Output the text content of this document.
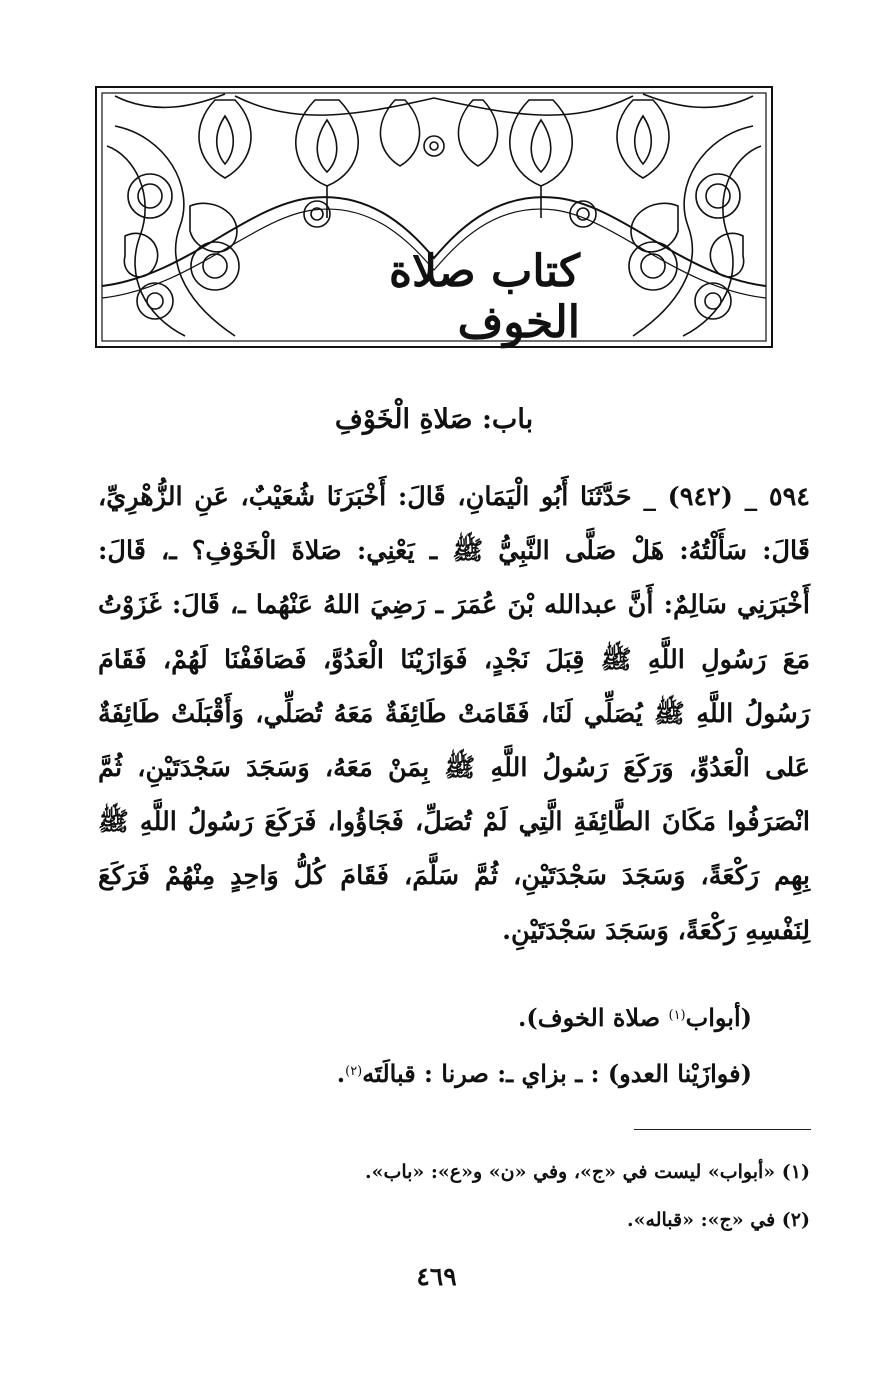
كتاب صلاة الخوف
باب: صَلاةِ الْخَوْفِ

٥٩٤ _ (٩٤٢) _ حَدَّثَنَا أَبُو الْيَمَانِ، قَالَ: أَخْبَرَنَا شُعَيْبٌ، عَنِ الزُّهْرِيِّ، قَالَ: سَأَلْتُهُ: هَلْ صَلَّى النَّبِيُّ ﷺ ـ يَعْنِي: صَلاةَ الْخَوْفِ؟ ـ، قَالَ: أَخْبَرَنِي سَالِمٌ: أَنَّ عبدالله بْنَ عُمَرَ ـ رَضِيَ اللهُ عَنْهُما ـ، قَالَ: غَزَوْتُ مَعَ رَسُولِ اللَّهِ ﷺ قِبَلَ نَجْدٍ، فَوَازَيْنَا الْعَدُوَّ، فَصَافَفْنَا لَهُمْ، فَقَامَ رَسُولُ اللَّهِ ﷺ يُصَلِّي لَنَا، فَقَامَتْ طَائِفَةٌ مَعَهُ تُصَلِّي، وَأَقْبَلَتْ طَائِفَةٌ عَلى الْعَدُوِّ، وَرَكَعَ رَسُولُ اللَّهِ ﷺ بِمَنْ مَعَهُ، وَسَجَدَ سَجْدَتَيْنِ، ثُمَّ انْصَرَفُوا مَكَانَ الطَّائِفَةِ الَّتِي لَمْ تُصَلِّ، فَجَاؤُوا، فَرَكَعَ رَسُولُ اللَّهِ ﷺ بِهِم رَكْعَةً، وَسَجَدَ سَجْدَتَيْنِ، ثُمَّ سَلَّمَ، فَقَامَ كُلُّ وَاحِدٍ مِنْهُمْ فَرَكَعَ لِنَفْسِهِ رَكْعَةً، وَسَجَدَ سَجْدَتَيْنِ.

(أبواب$^{(١)}$ صلاة الخوف).
(فوازَيْنا العدو) : ـ بزاي ـ: صرنا : قبالَتَه$^{(٢)}$.
(١) «أبواب» ليست في «ج»، وفي «ن» و«ع»: «باب».
(٢) في «ج»: «قباله».
٤٦٩
